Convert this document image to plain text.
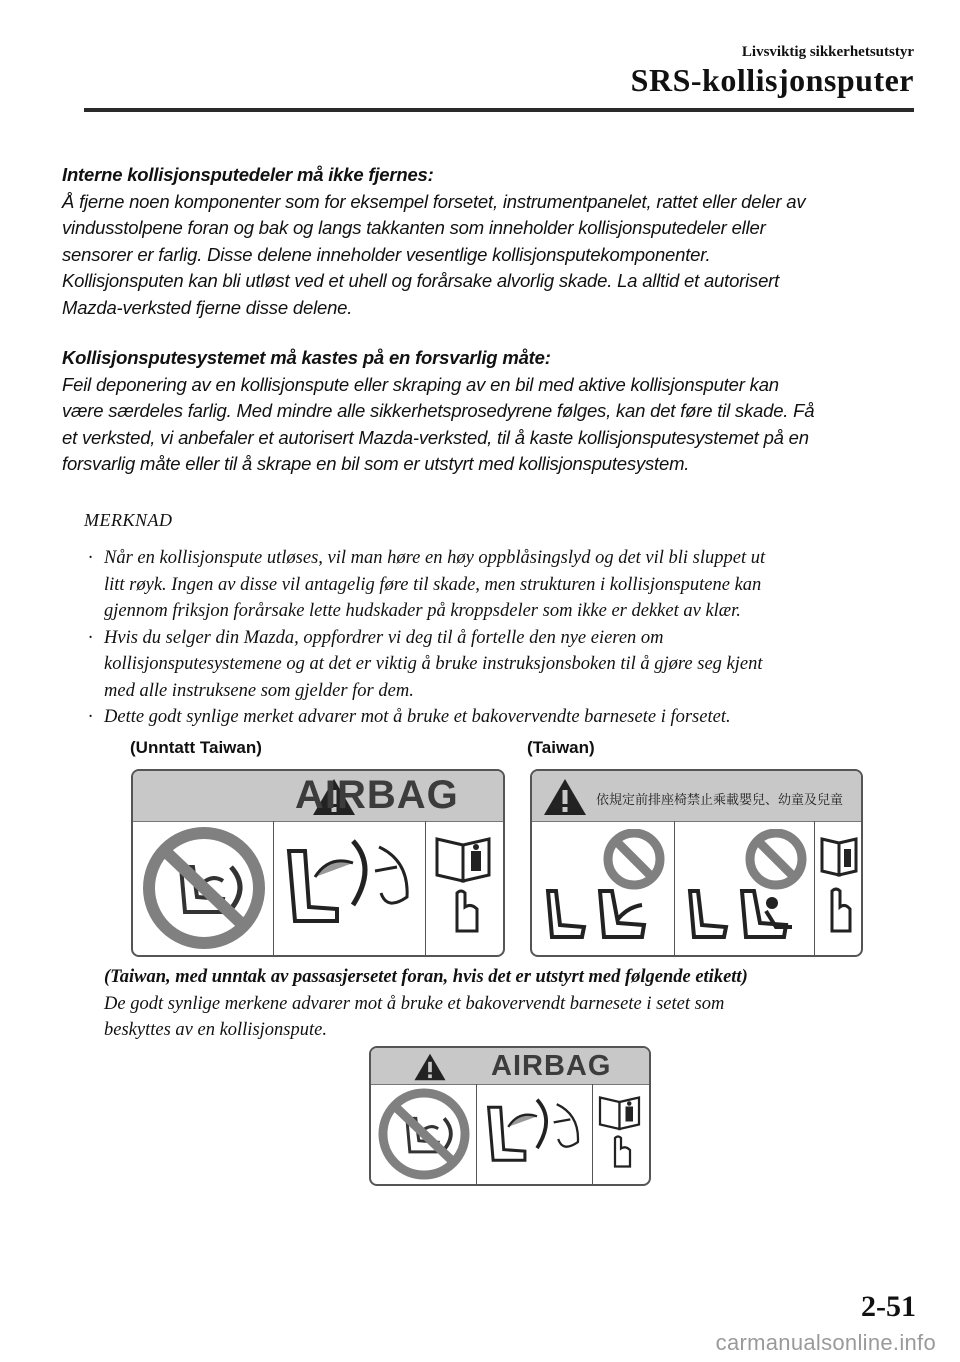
Livsviktig sikkerhetsutstyr
SRS-kollisjonsputer
Interne kollisjonsputedeler må ikke fjernes:
Å fjerne noen komponenter som for eksempel forsetet, instrumentpanelet, rattet eller deler av
vindusstolpene foran og bak og langs takkanten som inneholder kollisjonsputedeler eller
sensorer er farlig. Disse delene inneholder vesentlige kollisjonsputekomponenter.
Kollisjonsputen kan bli utløst ved et uhell og forårsake alvorlig skade. La alltid et autorisert
Mazda-verksted fjerne disse delene.
Kollisjonsputesystemet må kastes på en forsvarlig måte:
Feil deponering av en kollisjonspute eller skraping av en bil med aktive kollisjonsputer kan
være særdeles farlig. Med mindre alle sikkerhetsprosedyrene følges, kan det føre til skade. Få
et verksted, vi anbefaler et autorisert Mazda-verksted, til å kaste kollisjonsputesystemet på en
forsvarlig måte eller til å skrape en bil som er utstyrt med kollisjonsputesystem.
MERKNAD
· Når en kollisjonspute utløses, vil man høre en høy oppblåsingslyd og det vil bli sluppet ut
litt røyk. Ingen av disse vil antagelig føre til skade, men strukturen i kollisjonsputene kan
gjennom friksjon forårsake lette hudskader på kroppsdeler som ikke er dekket av klær.
· Hvis du selger din Mazda, oppfordrer vi deg til å fortelle den nye eieren om
kollisjonsputesystemene og at det er viktig å bruke instruksjonsboken til å gjøre seg kjent
med alle instruksene som gjelder for dem.
· Dette godt synlige merket advarer mot å bruke et bakovervendte barnesete i forsetet.
(Unntatt Taiwan)	(Taiwan)
AIRBAG	依規定前排座椅禁止乘載嬰兒、幼童及兒童
(Taiwan, med unntak av passasjersetet foran, hvis det er utstyrt med følgende etikett)
De godt synlige merkene advarer mot å bruke et bakovervendt barnesete i setet som
beskyttes av en kollisjonspute.
AIRBAG
2-51
carmanualsonline.info
